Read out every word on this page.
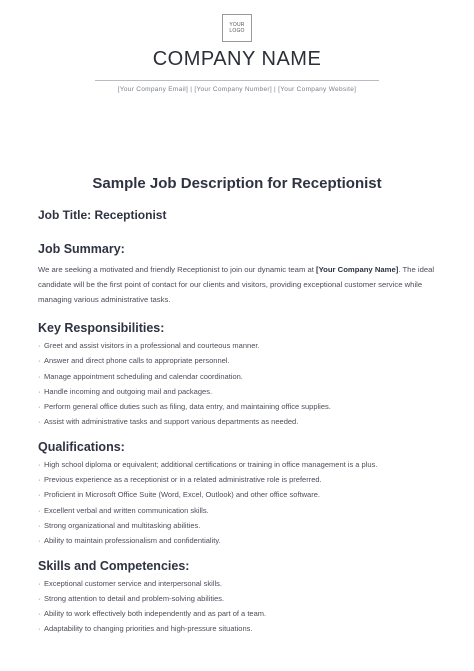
YOUR
LOGO
COMPANY NAME
[Your Company Email] | [Your Company Number] | [Your Company Website]
Sample Job Description for Receptionist
Job Title: Receptionist
Job Summary:

We are seeking a motivated and friendly Receptionist to join our dynamic team at [Your Company Name]. The ideal candidate will be the first point of contact for our clients and visitors, providing exceptional customer service while managing various administrative tasks.

Key Responsibilities:
· Greet and assist visitors in a professional and courteous manner.
· Answer and direct phone calls to appropriate personnel.
· Manage appointment scheduling and calendar coordination.
· Handle incoming and outgoing mail and packages.
· Perform general office duties such as filing, data entry, and maintaining office supplies.
· Assist with administrative tasks and support various departments as needed.
Qualifications:
· High school diploma or equivalent; additional certifications or training in office management is a plus.
· Previous experience as a receptionist or in a related administrative role is preferred.
· Proficient in Microsoft Office Suite (Word, Excel, Outlook) and other office software.
· Excellent verbal and written communication skills.
· Strong organizational and multitasking abilities.
· Ability to maintain professionalism and confidentiality.
Skills and Competencies:
· Exceptional customer service and interpersonal skills.
· Strong attention to detail and problem-solving abilities.
· Ability to work effectively both independently and as part of a team.
· Adaptability to changing priorities and high-pressure situations.
